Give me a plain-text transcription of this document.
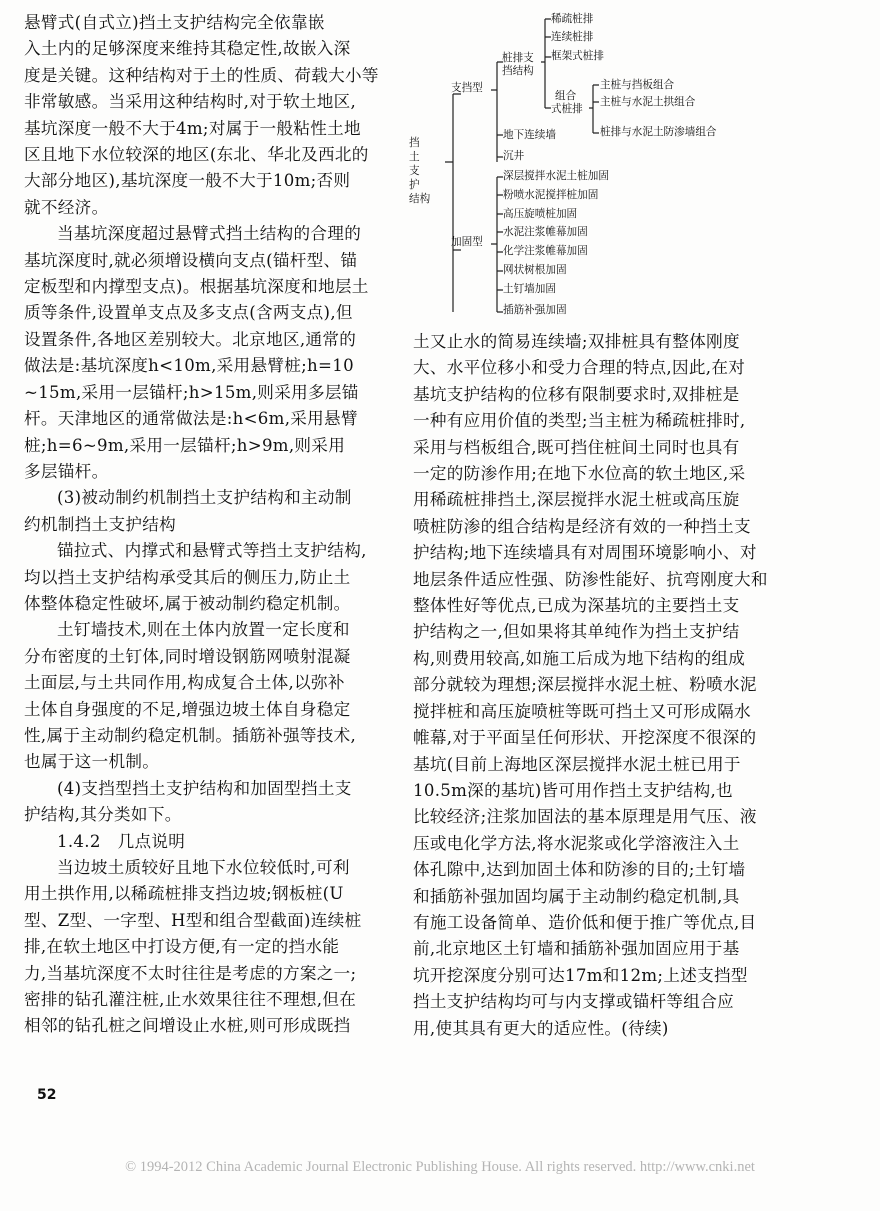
悬臂式(自式立)挡土支护结构完全依靠嵌
入土内的足够深度来维持其稳定性,故嵌入深
度是关键。这种结构对于土的性质、荷载大小等
非常敏感。当采用这种结构时,对于软土地区,
基坑深度一般不大于4m;对属于一般粘性土地
区且地下水位较深的地区(东北、华北及西北的
大部分地区),基坑深度一般不大于10m;否则
就不经济。
当基坑深度超过悬臂式挡土结构的合理的
基坑深度时,就必须增设横向支点(锚杆型、锚
定板型和内撑型支点)。根据基坑深度和地层土
质等条件,设置单支点及多支点(含两支点),但
设置条件,各地区差别较大。北京地区,通常的
做法是:基坑深度h<10m,采用悬臂桩;h=10
~15m,采用一层锚杆;h>15m,则采用多层锚
杆。天津地区的通常做法是:h<6m,采用悬臂
桩;h=6~9m,采用一层锚杆;h>9m,则采用
多层锚杆。
(3)被动制约机制挡土支护结构和主动制
约机制挡土支护结构
锚拉式、内撑式和悬臂式等挡土支护结构,
均以挡土支护结构承受其后的侧压力,防止土
体整体稳定性破坏,属于被动制约稳定机制。
土钉墙技术,则在土体内放置一定长度和
分布密度的土钉体,同时增设钢筋网喷射混凝
土面层,与土共同作用,构成复合土体,以弥补
土体自身强度的不足,增强边坡土体自身稳定
性,属于主动制约稳定机制。插筋补强等技术,
也属于这一机制。
(4)支挡型挡土支护结构和加固型挡土支
护结构,其分类如下。
1.4.2　几点说明
当边坡土质较好且地下水位较低时,可利
用土拱作用,以稀疏桩排支挡边坡;钢板桩(U
型、Z型、一字型、H型和组合型截面)连续桩
排,在软土地区中打设方便,有一定的挡水能
力,当基坑深度不太时往往是考虑的方案之一;
密排的钻孔灌注桩,止水效果往往不理想,但在
相邻的钻孔桩之间增设止水桩,则可形成既挡
土又止水的简易连续墙;双排桩具有整体刚度
大、水平位移小和受力合理的特点,因此,在对
基坑支护结构的位移有限制要求时,双排桩是
一种有应用价值的类型;当主桩为稀疏桩排时,
采用与档板组合,既可挡住桩间土同时也具有
一定的防渗作用;在地下水位高的软土地区,采
用稀疏桩排挡土,深层搅拌水泥土桩或高压旋
喷桩防渗的组合结构是经济有效的一种挡土支
护结构;地下连续墙具有对周围环境影响小、对
地层条件适应性强、防渗性能好、抗弯刚度大和
整体性好等优点,已成为深基坑的主要挡土支
护结构之一,但如果将其单纯作为挡土支护结
构,则费用较高,如施工后成为地下结构的组成
部分就较为理想;深层搅拌水泥土桩、粉喷水泥
搅拌桩和高压旋喷桩等既可挡土又可形成隔水
帷幕,对于平面呈任何形状、开挖深度不很深的
基坑(目前上海地区深层搅拌水泥土桩已用于
10.5m深的基坑)皆可用作挡土支护结构,也
比较经济;注浆加固法的基本原理是用气压、液
压或电化学方法,将水泥浆或化学溶液注入土
体孔隙中,达到加固土体和防渗的目的;土钉墙
和插筋补强加固均属于主动制约稳定机制,具
有施工设备简单、造价低和便于推广等优点,目
前,北京地区土钉墙和插筋补强加固应用于基
坑开挖深度分别可达17m和12m;上述支挡型
挡土支护结构均可与内支撑或锚杆等组合应
用,使其具有更大的适应性。(待续)
挡
土
支
护
结构
支挡型
加固型
桩排支
挡结构
稀疏桩排
连续桩排
框架式桩排
组合
式桩排
主桩与挡板组合
主桩与水泥土拱组合
桩排与水泥土防渗墙组合
地下连续墙
沉井
深层搅拌水泥土桩加固
粉喷水泥搅拌桩加固
高压旋喷桩加固
水泥注浆帷幕加固
化学注浆帷幕加固
网状树根加固
土钉墙加固
插筋补强加固
52
© 1994-2012 China Academic Journal Electronic Publishing House. All rights reserved. http://www.cnki.net
